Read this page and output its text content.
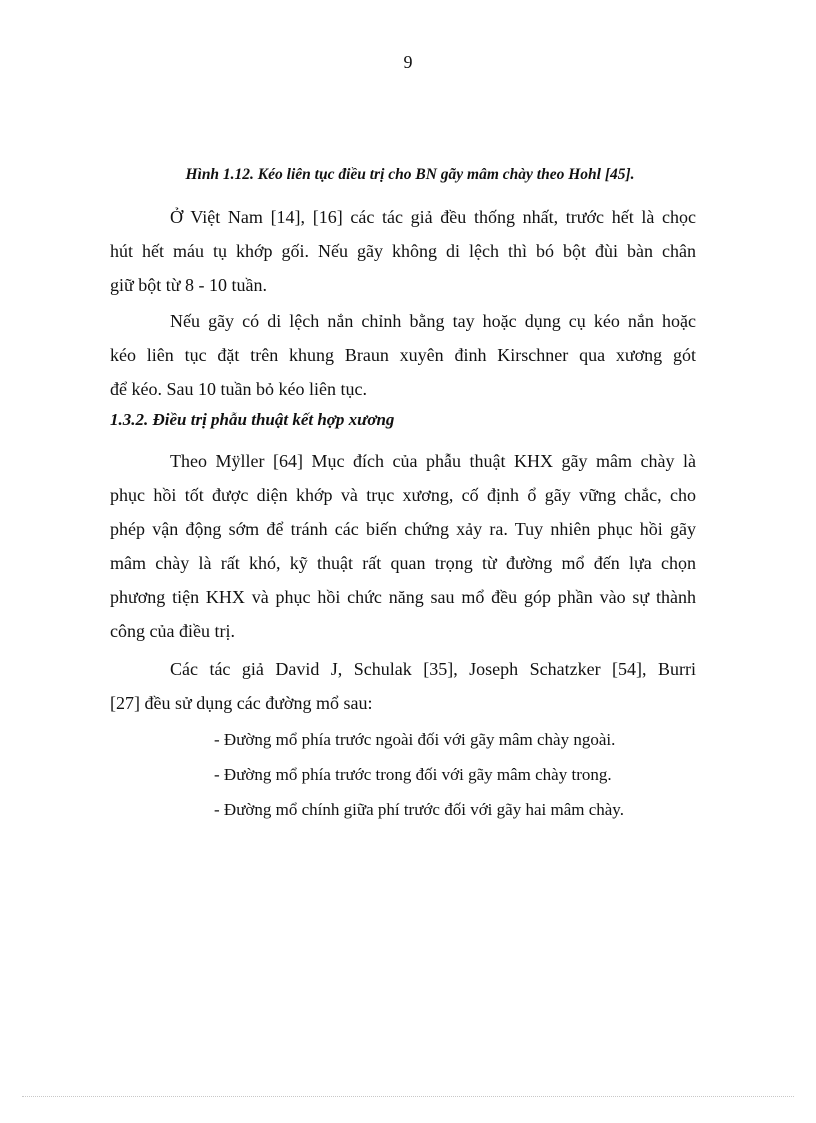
9
Hình 1.12. Kéo liên tục điều trị cho BN gãy mâm chày theo Hohl [45].

Ở Việt Nam [14], [16] các tác giả đều thống nhất, trước hết là chọc
hút hết máu tụ khớp gối. Nếu gãy không di lệch thì bó bột đùi bàn chân
giữ bột từ 8 - 10 tuần.

Nếu gãy có di lệch nắn chỉnh bằng tay hoặc dụng cụ kéo nắn hoặc
kéo liên tục đặt trên khung Braun xuyên đinh Kirschner qua xương gót
để kéo. Sau 10 tuần bỏ kéo liên tục.

1.3.2. Điều trị phẫu thuật kết hợp xương

Theo Mÿller [64] Mục đích của phẫu thuật KHX gãy mâm chày là
phục hồi tốt được diện khớp và trục xương, cố định ổ gãy vững chắc, cho
phép vận động sớm để tránh các biến chứng xảy ra. Tuy nhiên phục hồi gãy
mâm chày là rất khó, kỹ thuật rất quan trọng từ đường mổ đến lựa chọn
phương tiện KHX và phục hồi chức năng sau mổ đều góp phần vào sự thành
công của điều trị.

Các tác giả David J, Schulak [35], Joseph Schatzker [54], Burri
[27] đều sử dụng các đường mổ sau:

- Đường mổ phía trước ngoài đối với gãy mâm chày ngoài.
- Đường mổ phía trước trong đối với gãy mâm chày trong.
- Đường mổ chính giữa phí trước đối với gãy hai mâm chày.
